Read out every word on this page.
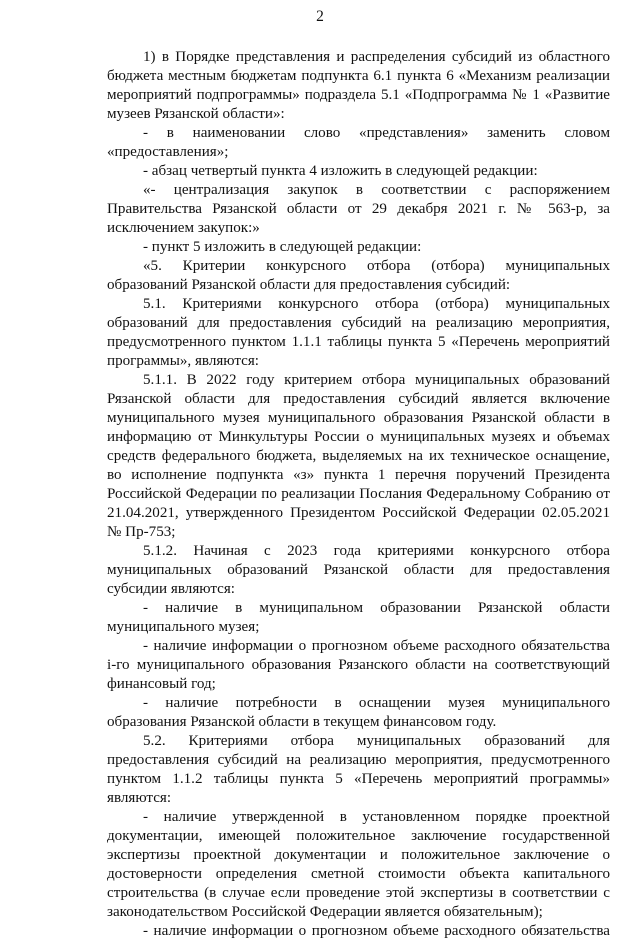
2
1) в Порядке представления и распределения субсидий из областного
бюджета местным бюджетам подпункта 6.1 пункта 6 «Механизм реализации
мероприятий подпрограммы» подраздела 5.1 «Подпрограмма № 1 «Развитие
музеев Рязанской области»:
- в наименовании слово «представления» заменить словом
«предоставления»;
- абзац четвертый пункта 4 изложить в следующей редакции:
«- централизация закупок в соответствии с распоряжением
Правительства Рязанской области от 29 декабря 2021 г. № 563-р, за
исключением закупок:»
- пункт 5 изложить в следующей редакции:
«5. Критерии конкурсного отбора (отбора) муниципальных
образований Рязанской области для предоставления субсидий:
5.1. Критериями конкурсного отбора (отбора) муниципальных
образований для предоставления субсидий на реализацию мероприятия,
предусмотренного пунктом 1.1.1 таблицы пункта 5 «Перечень мероприятий
программы», являются:
5.1.1. В 2022 году критерием отбора муниципальных образований
Рязанской области для предоставления субсидий является включение
муниципального музея муниципального образования Рязанской области в
информацию от Минкультуры России о муниципальных музеях и объемах
средств федерального бюджета, выделяемых на их техническое оснащение,
во исполнение подпункта «з» пункта 1 перечня поручений Президента
Российской Федерации по реализации Послания Федеральному Собранию от
21.04.2021, утвержденного Президентом Российской Федерации 02.05.2021
№ Пр-753;
5.1.2. Начиная с 2023 года критериями конкурсного отбора
муниципальных образований Рязанской области для предоставления
субсидии являются:
- наличие в муниципальном образовании Рязанской области
муниципального музея;
- наличие информации о прогнозном объеме расходного обязательства
i-го муниципального образования Рязанского области на соответствующий
финансовый год;
- наличие потребности в оснащении музея муниципального
образования Рязанской области в текущем финансовом году.
5.2. Критериями отбора муниципальных образований для
предоставления субсидий на реализацию мероприятия, предусмотренного
пунктом 1.1.2 таблицы пункта 5 «Перечень мероприятий программы»
являются:
- наличие утвержденной в установленном порядке проектной
документации, имеющей положительное заключение государственной
экспертизы проектной документации и положительное заключение о
достоверности определения сметной стоимости объекта капитального
строительства (в случае если проведение этой экспертизы в соответствии с
законодательством Российской Федерации является обязательным);
- наличие информации о прогнозном объеме расходного обязательства
